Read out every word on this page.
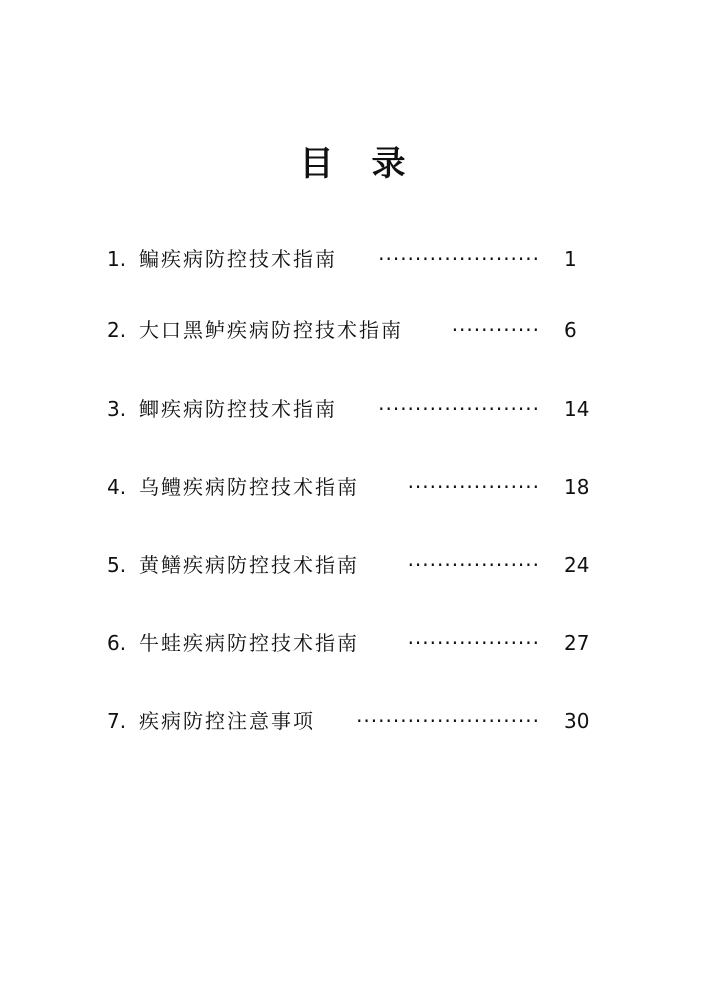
目　录
1. 鳊疾病防控技术指南 ······················ 1
2. 大口黑鲈疾病防控技术指南 ············ 6
3. 鲫疾病防控技术指南 ······················ 14
4. 乌鳢疾病防控技术指南 ·················· 18
5. 黄鳝疾病防控技术指南 ·················· 24
6. 牛蛙疾病防控技术指南 ·················· 27
7. 疾病防控注意事项 ························· 30
